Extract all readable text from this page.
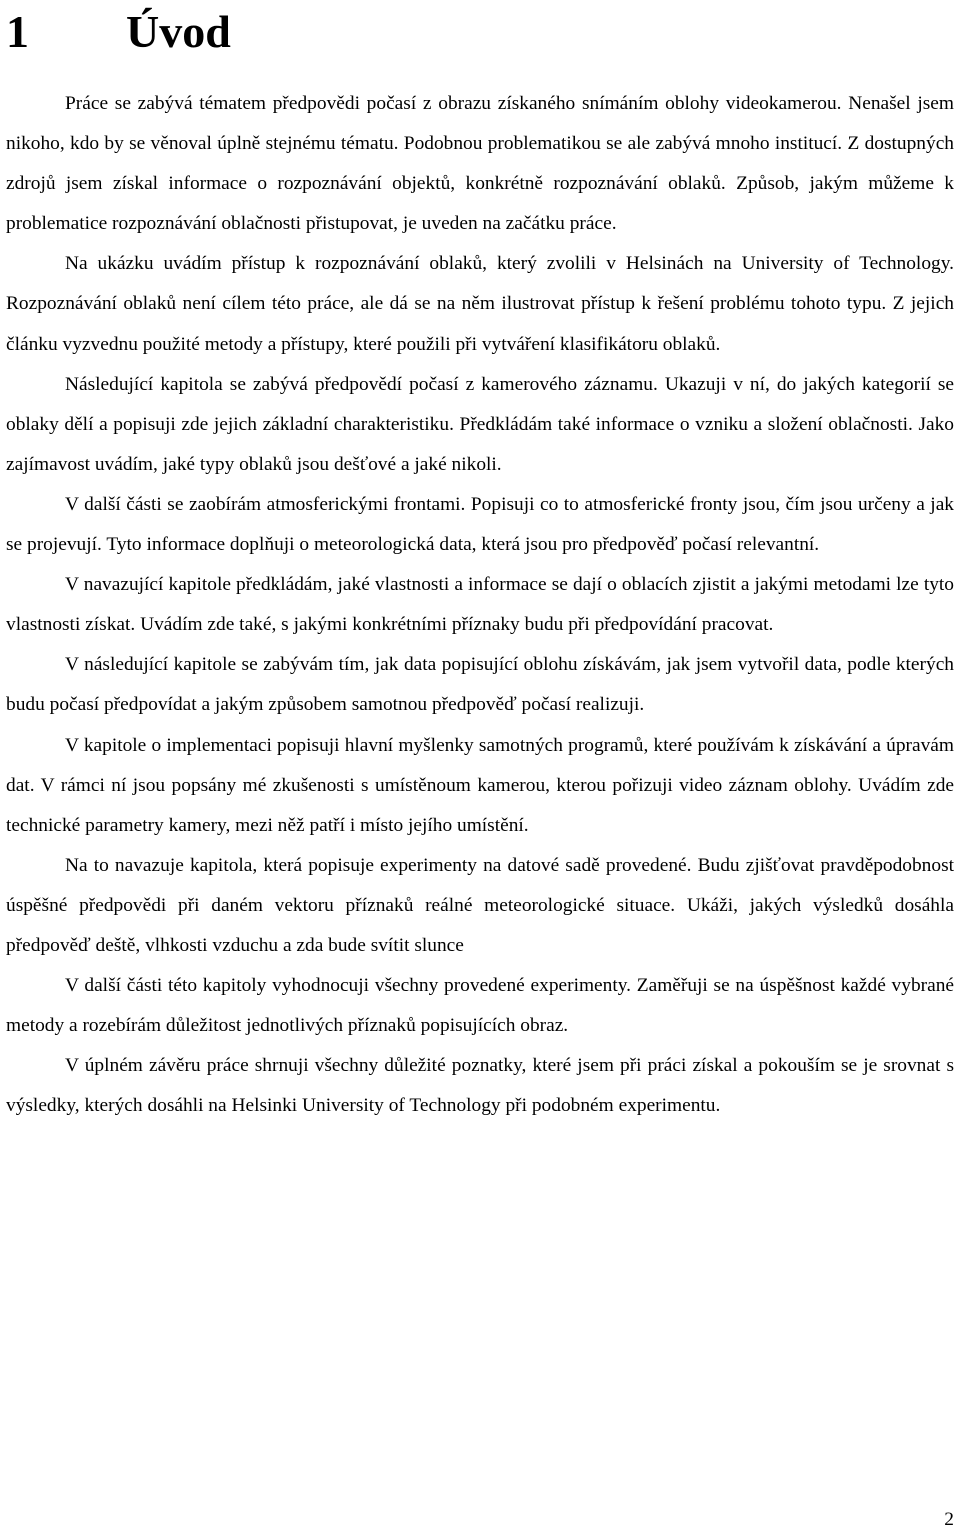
1 Úvod

Práce se zabývá tématem předpovědi počasí z obrazu získaného snímáním oblohy videokamerou. Nenašel jsem nikoho, kdo by se věnoval úplně stejnému tématu. Podobnou problematikou se ale zabývá mnoho institucí. Z dostupných zdrojů jsem získal informace o rozpoznávání objektů, konkrétně rozpoznávání oblaků. Způsob, jakým můžeme k problematice rozpoznávání oblačnosti přistupovat, je uveden na začátku práce.

Na ukázku uvádím přístup k rozpoznávání oblaků, který zvolili v Helsinách na University of Technology. Rozpoznávání oblaků není cílem této práce, ale dá se na něm ilustrovat přístup k řešení problému tohoto typu. Z jejich článku vyzvednu použité metody a přístupy, které použili při vytváření klasifikátoru oblaků.

Následující kapitola se zabývá předpovědí počasí z kamerového záznamu. Ukazuji v ní, do jakých kategorií se oblaky dělí a popisuji zde jejich základní charakteristiku. Předkládám také informace o vzniku a složení oblačnosti. Jako zajímavost uvádím, jaké typy oblaků jsou dešťové a jaké nikoli.

V další části se zaobírám atmosferickými frontami. Popisuji co to atmosferické fronty jsou, čím jsou určeny a jak se projevují. Tyto informace doplňuji o meteorologická data, která jsou pro předpověď počasí relevantní.

V navazující kapitole předkládám, jaké vlastnosti a informace se dají o oblacích zjistit a jakými metodami lze tyto vlastnosti získat. Uvádím zde také, s jakými konkrétními příznaky budu při předpovídání pracovat.

V následující kapitole se zabývám tím, jak data popisující oblohu získávám, jak jsem vytvořil data, podle kterých budu počasí předpovídat a jakým způsobem samotnou předpověď počasí realizuji.

V kapitole o implementaci popisuji hlavní myšlenky samotných programů, které používám k získávání a úpravám dat. V rámci ní jsou popsány mé zkušenosti s umístěnoum kamerou, kterou pořizuji video záznam oblohy. Uvádím zde technické parametry kamery, mezi něž patří i místo jejího umístění.

Na to navazuje kapitola, která popisuje experimenty na datové sadě provedené. Budu zjišťovat pravděpodobnost úspěšné předpovědi při daném vektoru příznaků reálné meteorologické situace. Ukáži, jakých výsledků dosáhla předpověď deště, vlhkosti vzduchu a zda bude svítit slunce

V další části této kapitoly vyhodnocuji všechny provedené experimenty. Zaměřuji se na úspěšnost každé vybrané metody a rozebírám důležitost jednotlivých příznaků popisujících obraz.

V úplném závěru práce shrnuji všechny důležité poznatky, které jsem při práci získal a pokouším se je srovnat s výsledky, kterých dosáhli na Helsinki University of Technology při podobném experimentu.

2
